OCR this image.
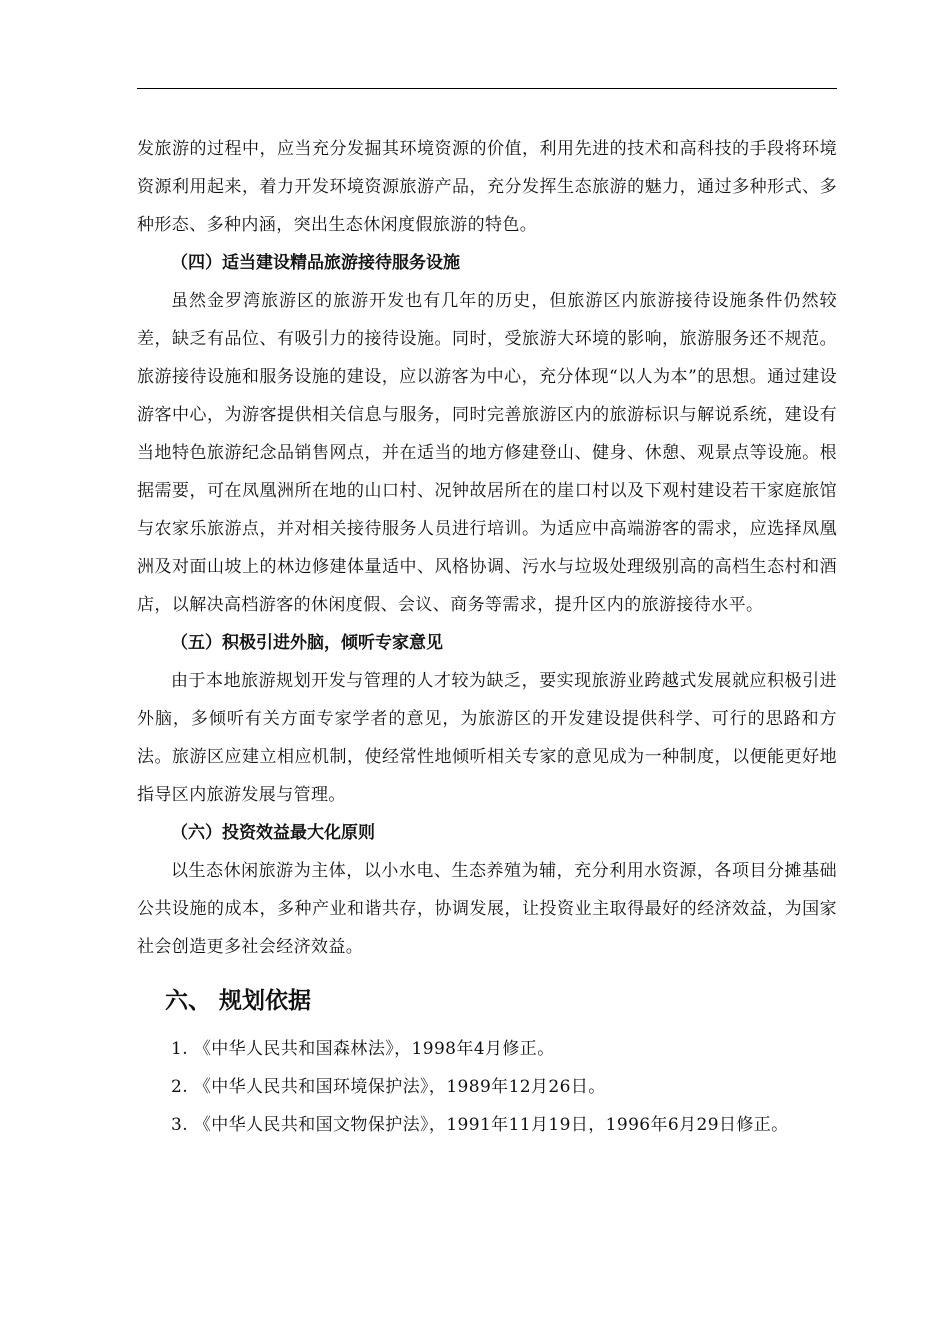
发旅游的过程中，应当充分发掘其环境资源的价值，利用先进的技术和高科技的手段将环境资源利用起来，着力开发环境资源旅游产品，充分发挥生态旅游的魅力，通过多种形式、多种形态、多种内涵，突出生态休闲度假旅游的特色。

（四）适当建设精品旅游接待服务设施

虽然金罗湾旅游区的旅游开发也有几年的历史，但旅游区内旅游接待设施条件仍然较差，缺乏有品位、有吸引力的接待设施。同时，受旅游大环境的影响，旅游服务还不规范。旅游接待设施和服务设施的建设，应以游客为中心，充分体现“以人为本”的思想。通过建设游客中心，为游客提供相关信息与服务，同时完善旅游区内的旅游标识与解说系统，建设有当地特色旅游纪念品销售网点，并在适当的地方修建登山、健身、休憩、观景点等设施。根据需要，可在凤凰洲所在地的山口村、况钟故居所在的崖口村以及下观村建设若干家庭旅馆与农家乐旅游点，并对相关接待服务人员进行培训。为适应中高端游客的需求，应选择凤凰洲及对面山坡上的林边修建体量适中、风格协调、污水与垃圾处理级别高的高档生态村和酒店，以解决高档游客的休闲度假、会议、商务等需求，提升区内的旅游接待水平。

（五）积极引进外脑，倾听专家意见

由于本地旅游规划开发与管理的人才较为缺乏，要实现旅游业跨越式发展就应积极引进外脑，多倾听有关方面专家学者的意见，为旅游区的开发建设提供科学、可行的思路和方法。旅游区应建立相应机制，使经常性地倾听相关专家的意见成为一种制度，以便能更好地指导区内旅游发展与管理。

（六）投资效益最大化原则

以生态休闲旅游为主体，以小水电、生态养殖为辅，充分利用水资源，各项目分摊基础公共设施的成本，多种产业和谐共存，协调发展，让投资业主取得最好的经济效益，为国家社会创造更多社会经济效益。

六、 规划依据

1. 《中华人民共和国森林法》，1998年4月修正。

2. 《中华人民共和国环境保护法》，1989年12月26日。

3. 《中华人民共和国文物保护法》，1991年11月19日，1996年6月29日修正。
